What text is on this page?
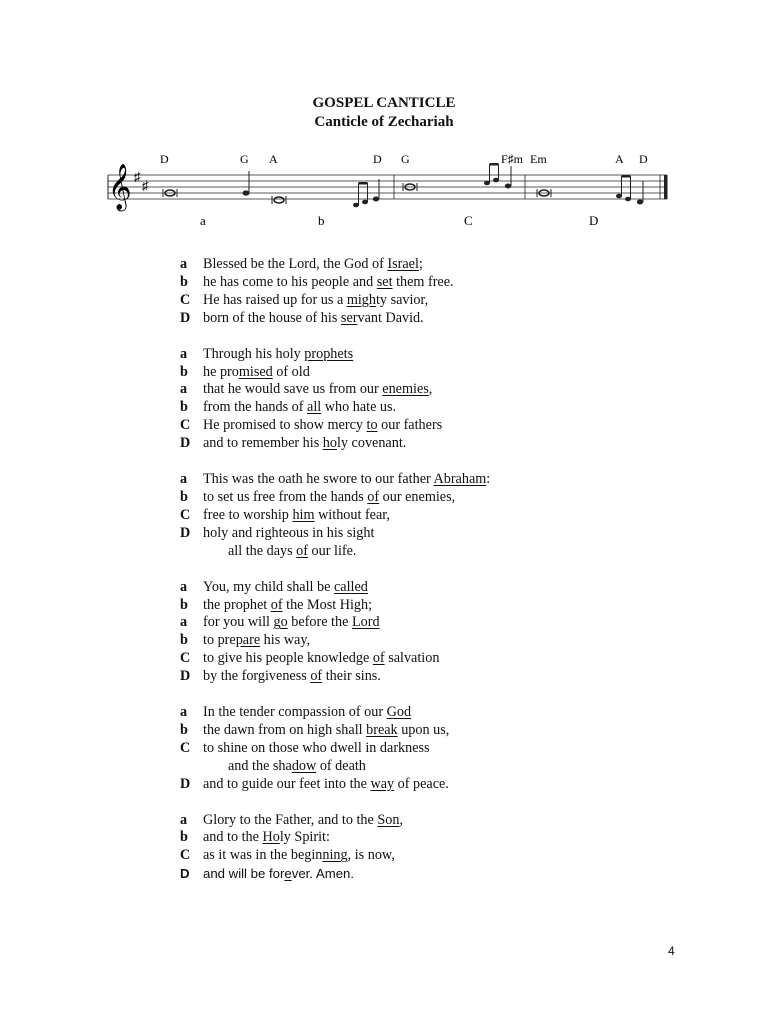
GOSPEL CANTICLE
Canticle of Zechariah
D	G A	D G	F♯m Em	A D
𝄞 ♯
♯
a	b	C	D
a Blessed be the Lord, the God of Israel;
b he has come to his people and set them free.
C He has raised up for us a mighty savior,
D born of the house of his servant David.
a Through his holy prophets
b he promised of old
a that he would save us from our enemies,
b from the hands of all who hate us.
C He promised to show mercy to our fathers
D and to remember his holy covenant.
a This was the oath he swore to our father Abraham:
b to set us free from the hands of our enemies,
C free to worship him without fear,
D holy and righteous in his sight
all the days of our life.
a You, my child shall be called
b the prophet of the Most High;
a for you will go before the Lord
b to prepare his way,
C to give his people knowledge of salvation
D by the forgiveness of their sins.
a In the tender compassion of our God
b the dawn from on high shall break upon us,
C to shine on those who dwell in darkness
and the shadow of death
D and to guide our feet into the way of peace.
a Glory to the Father, and to the Son,
b and to the Holy Spirit:
C as it was in the beginning, is now,
D and will be forever. Amen.
4
